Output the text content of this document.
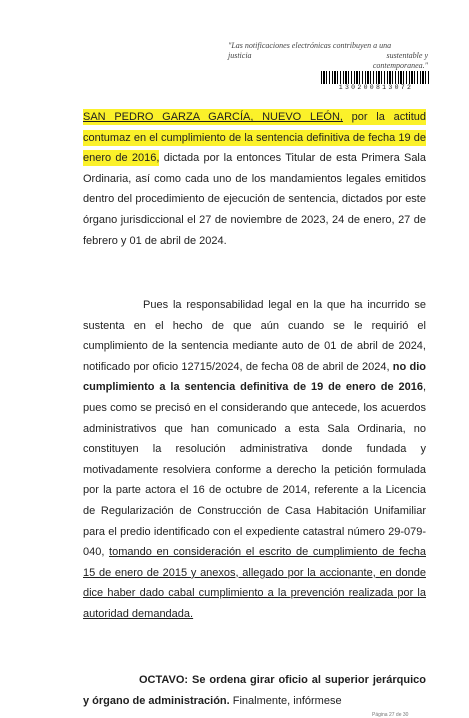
"Las notificaciones electrónicas contribuyen a una
justicia	sustentable y
contemporanea."
130200813072
SAN PEDRO GARZA GARCÍA, NUEVO LEÓN, por la actitud contumaz en el cumplimiento de la sentencia definitiva de fecha 19 de enero de 2016, dictada por la entonces Titular de esta Primera Sala Ordinaria, así como cada uno de los mandamientos legales emitidos dentro del procedimiento de ejecución de sentencia, dictados por este órgano jurisdiccional el 27 de noviembre de 2023, 24 de enero, 27 de febrero y 01 de abril de 2024.
Pues la responsabilidad legal en la que ha incurrido se sustenta en el hecho de que aún cuando se le requirió el cumplimiento de la sentencia mediante auto de 01 de abril de 2024, notificado por oficio 12715/2024, de fecha 08 de abril de 2024, no dio cumplimiento a la sentencia definitiva de 19 de enero de 2016, pues como se precisó en el considerando que antecede, los acuerdos administrativos que han comunicado a esta Sala Ordinaria, no constituyen la resolución administrativa donde fundada y motivadamente resolviera conforme a derecho la petición formulada por la parte actora el 16 de octubre de 2014, referente a la Licencia de Regularización de Construcción de Casa Habitación Unifamiliar para el predio identificado con el expediente catastral número 29-079-040, tomando en consideración el escrito de cumplimiento de fecha 15 de enero de 2015 y anexos, allegado por la accionante, en donde dice haber dado cabal cumplimiento a la prevención realizada por la autoridad demandada.
OCTAVO: Se ordena girar oficio al superior jerárquico y órgano de administración. Finalmente, infórmese
Página 27 de 30
